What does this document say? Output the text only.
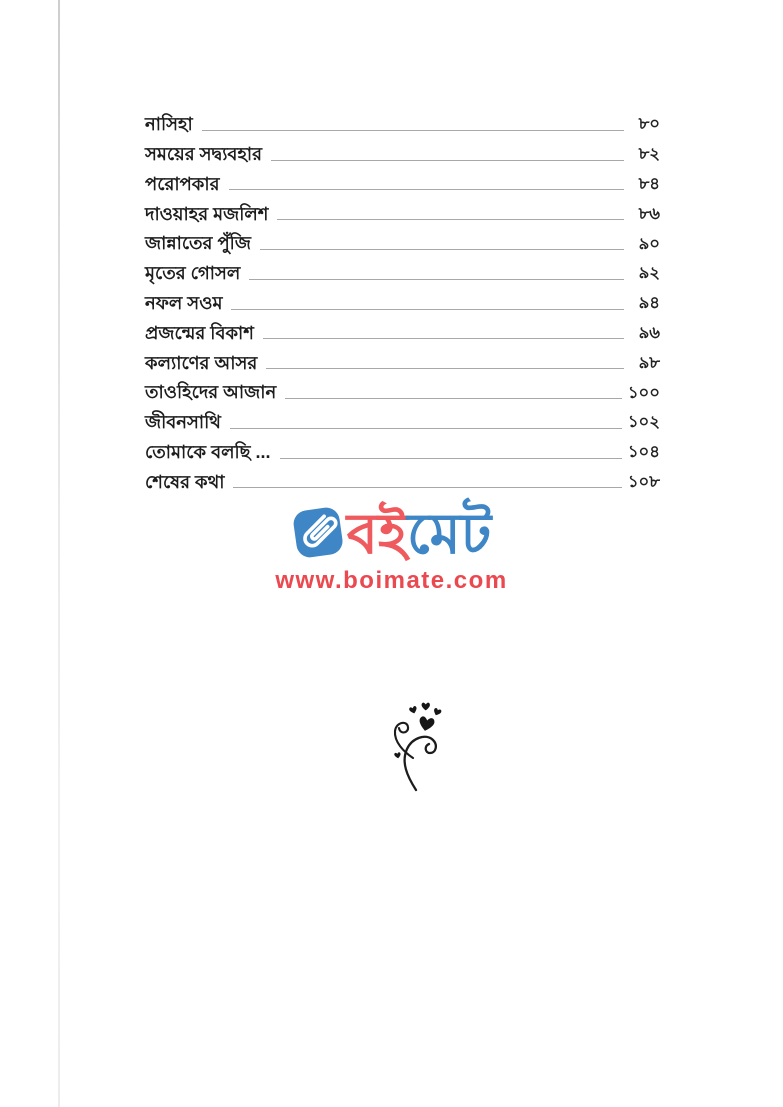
নাসিহা	৮০
সময়ের সদ্ব্যবহার	৮২
পরোপকার	৮৪
দাওয়াহর মজলিশ	৮৬
জান্নাতের পুঁজি	৯০
মৃতের গোসল	৯২
নফল সওম	৯৪
প্রজন্মের বিকাশ	৯৬
কল্যাণের আসর	৯৮
তাওহিদের আজান	১০০
জীবনসাথি	১০২
তোমাকে বলছি ...	১০৪
শেষের কথা	১০৮
বইমেট
www.boimate.com
